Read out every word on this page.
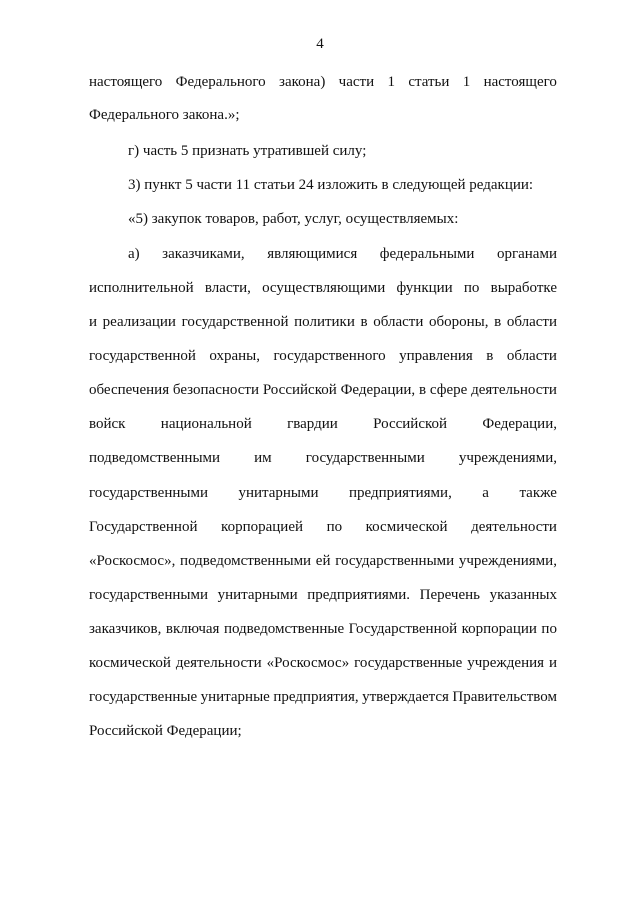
4
настоящего Федерального закона) части 1 статьи 1 настоящего
Федерального закона.»;
г) часть 5 признать утратившей силу;
3) пункт 5 части 11 статьи 24 изложить в следующей редакции:
«5) закупок товаров, работ, услуг, осуществляемых:
а) заказчиками, являющимися федеральными органами
исполнительной власти, осуществляющими функции по выработке
и реализации государственной политики в области обороны, в области
государственной охраны, государственного управления в области
обеспечения безопасности Российской Федерации, в сфере деятельности
войск национальной гвардии Российской Федерации,
подведомственными им государственными учреждениями,
государственными унитарными предприятиями, а также
Государственной корпорацией по космической деятельности
«Роскосмос», подведомственными ей государственными учреждениями,
государственными унитарными предприятиями. Перечень указанных
заказчиков, включая подведомственные Государственной корпорации по
космической деятельности «Роскосмос» государственные учреждения и
государственные унитарные предприятия, утверждается Правительством
Российской Федерации;
